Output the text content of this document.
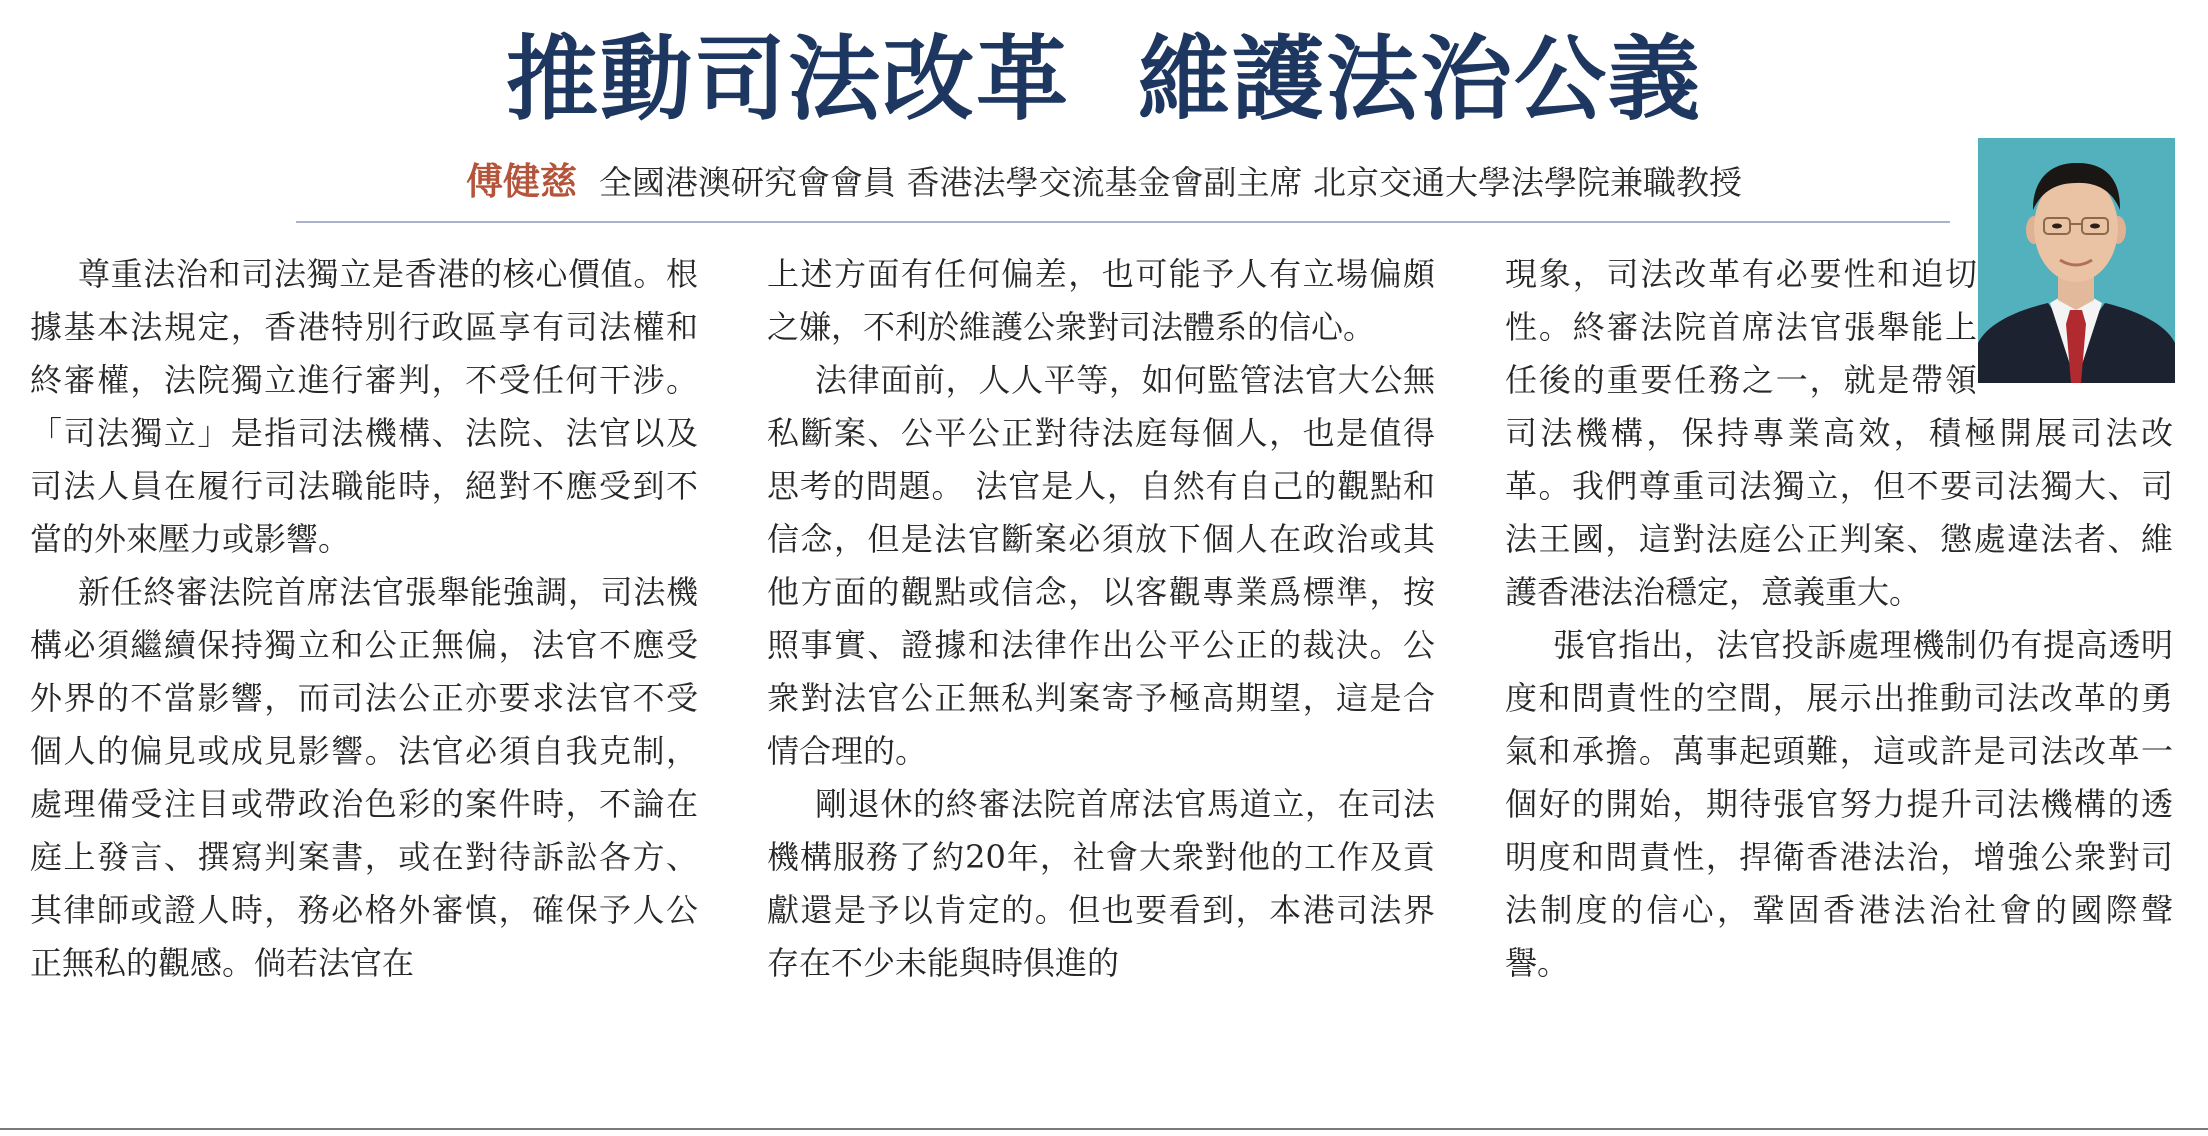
推動司法改革  維護法治公義
傅健慈 全國港澳研究會會員 香港法學交流基金會副主席 北京交通大學法學院兼職教授

尊重法治和司法獨立是香港的核心價值。根據基本法規定，香港特別行政區享有司法權和終審權，法院獨立進行審判，不受任何干涉。「司法獨立」是指司法機構、法院、法官以及司法人員在履行司法職能時，絕對不應受到不當的外來壓力或影響。

新任終審法院首席法官張舉能強調，司法機構必須繼續保持獨立和公正無偏，法官不應受外界的不當影響，而司法公正亦要求法官不受個人的偏見或成見影響。法官必須自我克制，處理備受注目或帶政治色彩的案件時，不論在庭上發言、撰寫判案書，或在對待訴訟各方、其律師或證人時，務必格外審慎，確保予人公正無私的觀感。倘若法官在

上述方面有任何偏差，也可能予人有立場偏頗之嫌，不利於維護公衆對司法體系的信心。

法律面前，人人平等，如何監管法官大公無私斷案、公平公正對待法庭每個人，也是值得思考的問題。 法官是人，自然有自己的觀點和信念，但是法官斷案必須放下個人在政治或其他方面的觀點或信念，以客觀專業爲標準，按照事實、證據和法律作出公平公正的裁決。公衆對法官公正無私判案寄予極高期望，這是合情合理的。

剛退休的終審法院首席法官馬道立，在司法機構服務了約20年，社會大衆對他的工作及貢獻還是予以肯定的。但也要看到，本港司法界存在不少未能與時俱進的

現象，司法改革有必要性和迫切性。終審法院首席法官張舉能上任後的重要任務之一，就是帶領司法機構，保持專業高效，積極開展司法改革。我們尊重司法獨立，但不要司法獨大、司法王國，這對法庭公正判案、懲處違法者、維護香港法治穩定，意義重大。

張官指出，法官投訴處理機制仍有提高透明度和問責性的空間，展示出推動司法改革的勇氣和承擔。萬事起頭難，這或許是司法改革一個好的開始，期待張官努力提升司法機構的透明度和問責性，捍衛香港法治，增強公衆對司法制度的信心，鞏固香港法治社會的國際聲譽。
